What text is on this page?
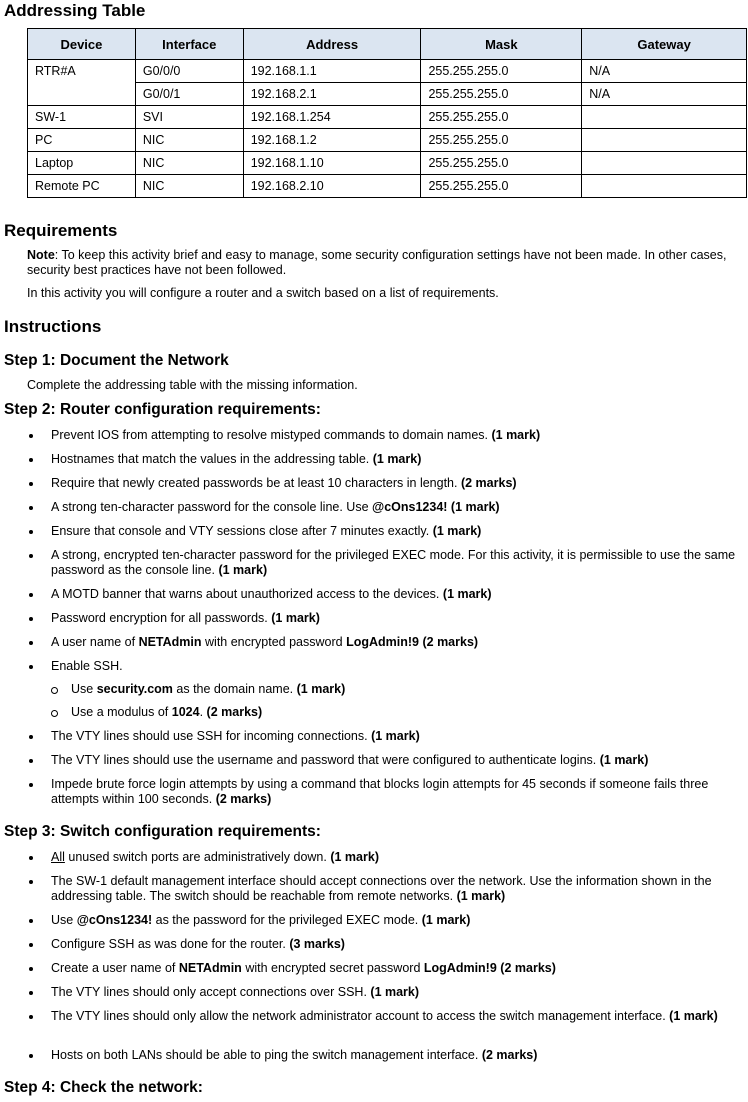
Addressing Table
Device	Interface	Address	Mask	Gateway
RTR#A	G0/0/0	192.168.1.1	255.255.255.0	N/A
	G0/0/1	192.168.2.1	255.255.255.0	N/A
SW-1	SVI	192.168.1.254	255.255.255.0	
PC	NIC	192.168.1.2	255.255.255.0	
Laptop	NIC	192.168.1.10	255.255.255.0	
Remote PC	NIC	192.168.2.10	255.255.255.0	
Requirements
Note: To keep this activity brief and easy to manage, some security configuration settings have not been made. In other cases, security best practices have not been followed.
In this activity you will configure a router and a switch based on a list of requirements.
Instructions
Step 1: Document the Network
Complete the addressing table with the missing information.
Step 2: Router configuration requirements:
Prevent IOS from attempting to resolve mistyped commands to domain names. (1 mark)
Hostnames that match the values in the addressing table. (1 mark)
Require that newly created passwords be at least 10 characters in length. (2 marks)
A strong ten-character password for the console line. Use @cOns1234! (1 mark)
Ensure that console and VTY sessions close after 7 minutes exactly. (1 mark)
A strong, encrypted ten-character password for the privileged EXEC mode. For this activity, it is permissible to use the same password as the console line. (1 mark)
A MOTD banner that warns about unauthorized access to the devices. (1 mark)
Password encryption for all passwords. (1 mark)
A user name of NETAdmin with encrypted password LogAdmin!9 (2 marks)
Enable SSH.
Use security.com as the domain name. (1 mark)
Use a modulus of 1024. (2 marks)
The VTY lines should use SSH for incoming connections. (1 mark)
The VTY lines should use the username and password that were configured to authenticate logins. (1 mark)
Impede brute force login attempts by using a command that blocks login attempts for 45 seconds if someone fails three attempts within 100 seconds. (2 marks)
Step 3: Switch configuration requirements:
All unused switch ports are administratively down. (1 mark)
The SW-1 default management interface should accept connections over the network. Use the information shown in the addressing table. The switch should be reachable from remote networks. (1 mark)
Use @cOns1234! as the password for the privileged EXEC mode. (1 mark)
Configure SSH as was done for the router. (3 marks)
Create a user name of NETAdmin with encrypted secret password LogAdmin!9 (2 marks)
The VTY lines should only accept connections over SSH. (1 mark)
The VTY lines should only allow the network administrator account to access the switch management interface. (1 mark)
Hosts on both LANs should be able to ping the switch management interface. (2 marks)
Step 4: Check the network:
